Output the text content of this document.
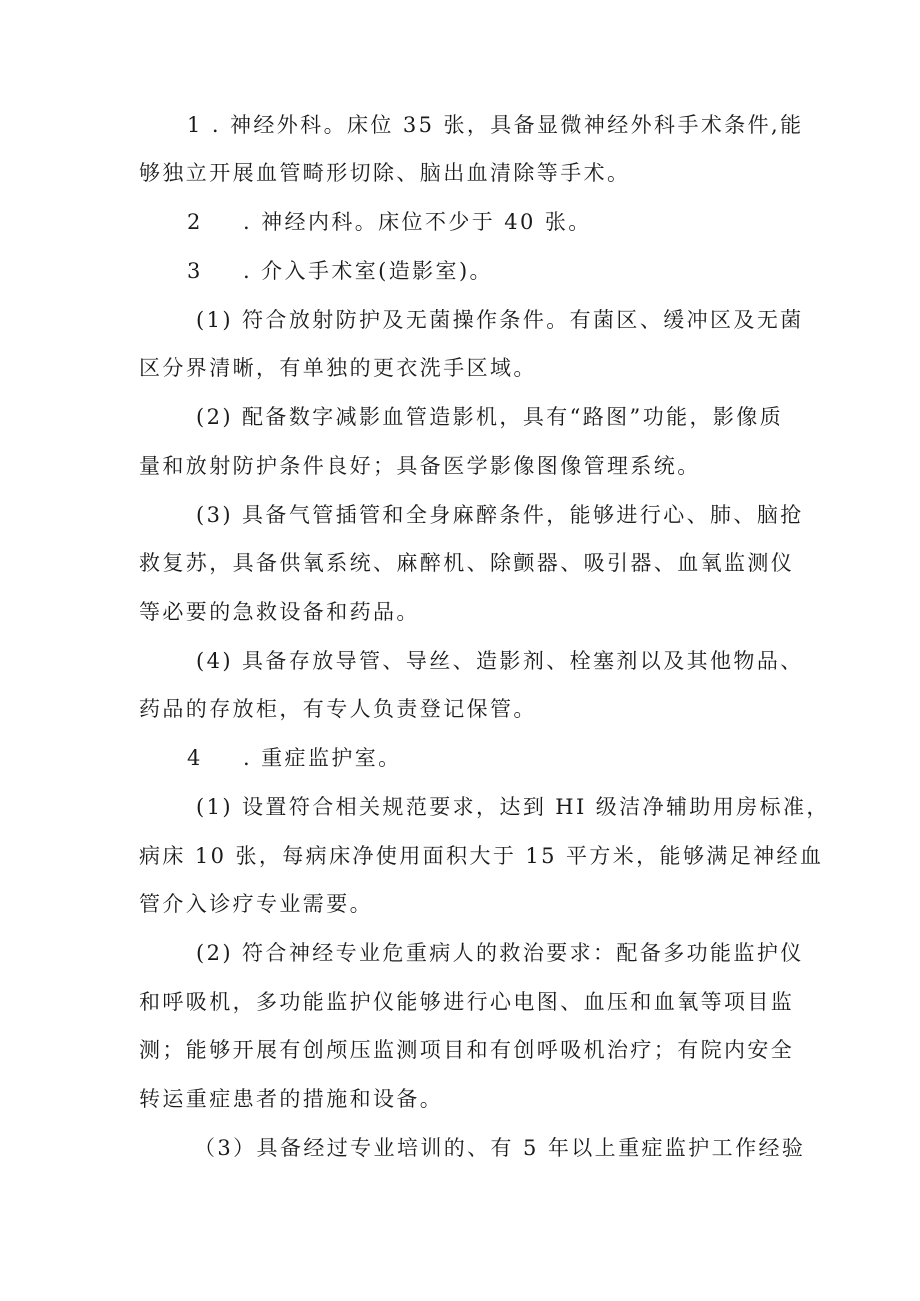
1 . 神经外科。床位 35 张，具备显微神经外科手术条件,能
够独立开展血管畸形切除、脑出血清除等手术。
2 . 神经内科。床位不少于 40 张。
3 . 介入手术室(造影室)。
(1) 符合放射防护及无菌操作条件。有菌区、缓冲区及无菌
区分界清晰，有单独的更衣洗手区域。
(2) 配备数字减影血管造影机，具有“路图”功能，影像质
量和放射防护条件良好；具备医学影像图像管理系统。
(3) 具备气管插管和全身麻醉条件，能够进行心、肺、脑抢
救复苏，具备供氧系统、麻醉机、除颤器、吸引器、血氧监测仪
等必要的急救设备和药品。
(4) 具备存放导管、导丝、造影剂、栓塞剂以及其他物品、
药品的存放柜，有专人负责登记保管。
4 . 重症监护室。
(1) 设置符合相关规范要求，达到 HI 级洁净辅助用房标准，
病床 10 张，每病床净使用面积大于 15 平方米，能够满足神经血
管介入诊疗专业需要。
(2) 符合神经专业危重病人的救治要求：配备多功能监护仪
和呼吸机，多功能监护仪能够进行心电图、血压和血氧等项目监
测；能够开展有创颅压监测项目和有创呼吸机治疗；有院内安全
转运重症患者的措施和设备。
（3）具备经过专业培训的、有 5 年以上重症监护工作经验
